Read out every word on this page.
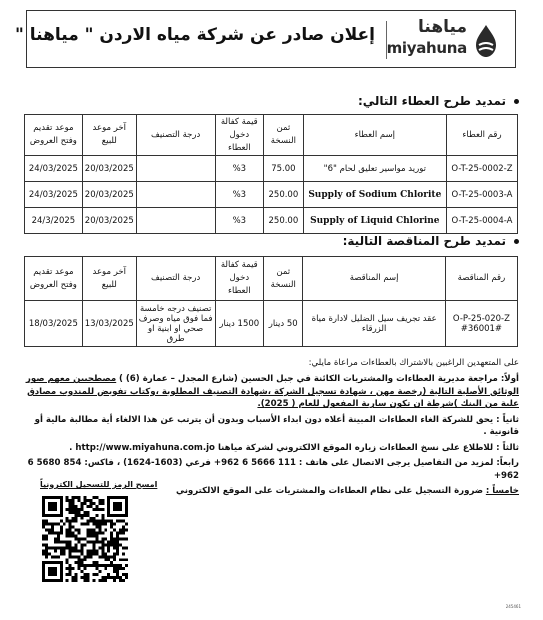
مياهنا
miyahuna
إعلان صادر عن شركة مياه الاردن " مياهنا "
تمديد طرح العطاء التالي:
رقم العطاء	إسم العطاء	ثمن النسخة	قيمة كفالة دخول العطاء	درجة التصنيف	آخر موعد للبيع	موعد تقديم وفتح العروض
O-T-25-0002-Z	توريد مواسير تعليق لحام "6"	75.00	%3		20/03/2025	24/03/2025
O-T-25-0003-A	Supply of Sodium Chlorite	250.00	%3		20/03/2025	24/03/2025
O-T-25-0004-A	Supply of Liquid Chlorine	250.00	%3		20/03/2025	24/3/2025
تمديد طرح المناقصة التالية:
رقم المناقصة	إسم المناقصة	ثمن النسخة	قيمة كفالة دخول العطاء	درجة التصنيف	آخر موعد للبيع	موعد تقديم وفتح العروض
O-P-25-020-Z #36001#	عقد تجريف سيل الضليل لادارة مياة الزرقاء	50 دينار	1500 دينار	تصنيف درجه خامسة فما فوق مياه وصرف صحي او ابنية او طرق	13/03/2025	18/03/2025

على المتعهدين الراغبين بالاشتراك بالعطاءات مراعاة مايلي:

أولاً: مراجعة مديرية العطاءات والمشتريات الكائنة في جبل الحسين (شارع المجدل – عمارة (6) ) مصطحبين معهم صور الوثائق الأصلية التالية (رخصة مهن ، شهادة تسجيل الشركة ،شهادة التصنيف المطلوبة ،وكتاب تفويض للمندوب مصادق علية من البنك )شرطة ان تكون سارية المفعول للعام ( 2025).

ثانياً : يحق للشركة الغاء العطاءات المبينة أعلاه دون ابداء الأسباب وبدون أن يترتب عن هذا الالغاء أية مطالبة مالية أو قانونية .

ثالثاً : للاطلاع على نسخ العطاءات زياره الموقع الالكتروني لشركة مياهنا http://www.miyahuna.com.jo .

رابعاً: لمزيد من التفاصيل يرجى الاتصال على هاتف : 111 5666 6 962+ فرعي (1603-1624) ، فاكس: 854 5680 6 962+

خامساً : ضرورة التسجيل على نظام العطاءات والمشتريات على الموقع الالكتروني

امسح الرمز للتسجيل الكترونياً
245461
